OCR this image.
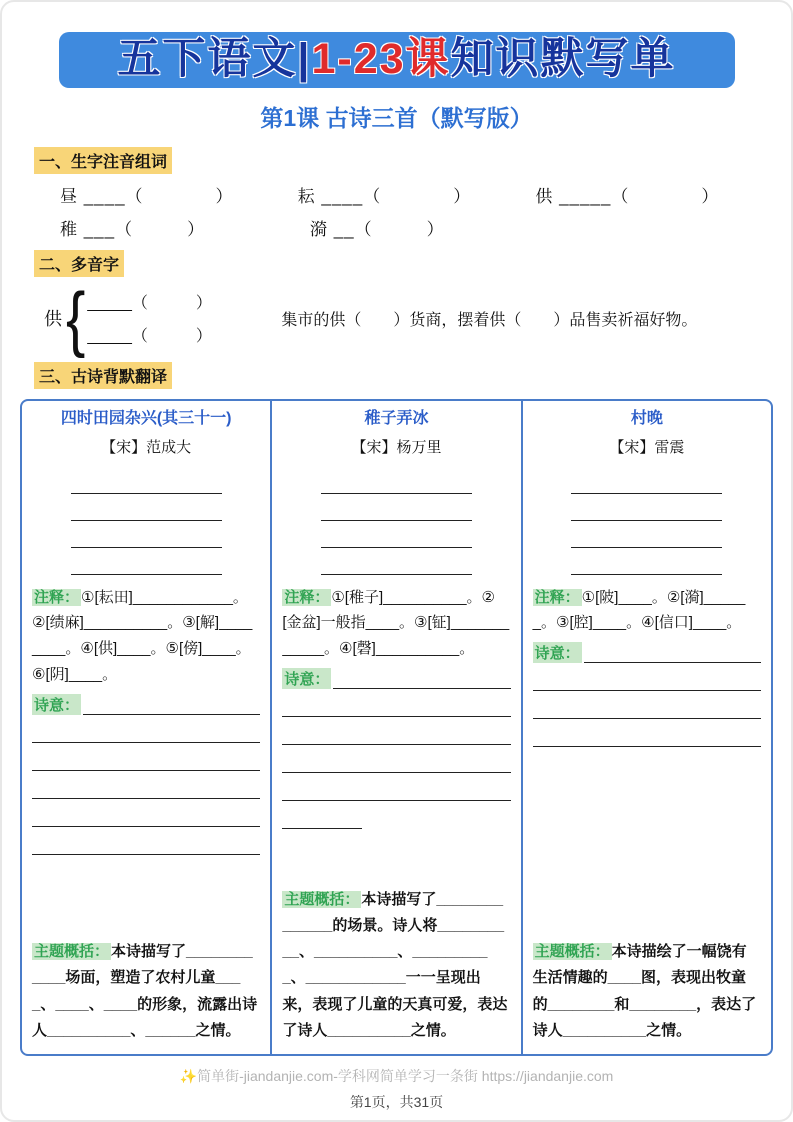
五下语文| 1-23课 知识默写单
第1课 古诗三首（默写版）
一、生字注音组词
昼 ____（　　　　）	耘 ____（　　　　）	供 _____（　　　　）
稚 ___（　　　）	漪 __（　　　）
二、多音字
供 { _____（　　　）
_____（　　　）
集市的供（　　）货商，摆着供（　　）品售卖祈福好物。
三、古诗背默翻译
四时田园杂兴(其三十一)
【宋】范成大

注释： ①[耘田]____________。②[绩麻]__________。③[解]________。④[供]____。⑤[傍]____。⑥[阴]____。

诗意：

主题概括： 本诗描写了____________场面，塑造了农村儿童____、____、____的形象，流露出诗人__________、______之情。

稚子弄冰
【宋】杨万里

注释： ①[稚子]__________。②[金盆]一般指____。③[钲]____________。④[磬]__________。

诗意：

主题概括： 本诗描写了______________的场景。诗人将__________、__________、__________、____________一一呈现出来，表现了儿童的天真可爱，表达了诗人__________之情。

村晚
【宋】雷震

注释： ①[陂]____。②[漪]______。③[腔]____。④[信口]____。

诗意：

主题概括： 本诗描绘了一幅饶有生活情趣的____图，表现出牧童的________和________，表达了诗人__________之情。

✨简单街-jiandanjie.com-学科网简单学习一条街 https://jiandanjie.com
第1页，共31页
